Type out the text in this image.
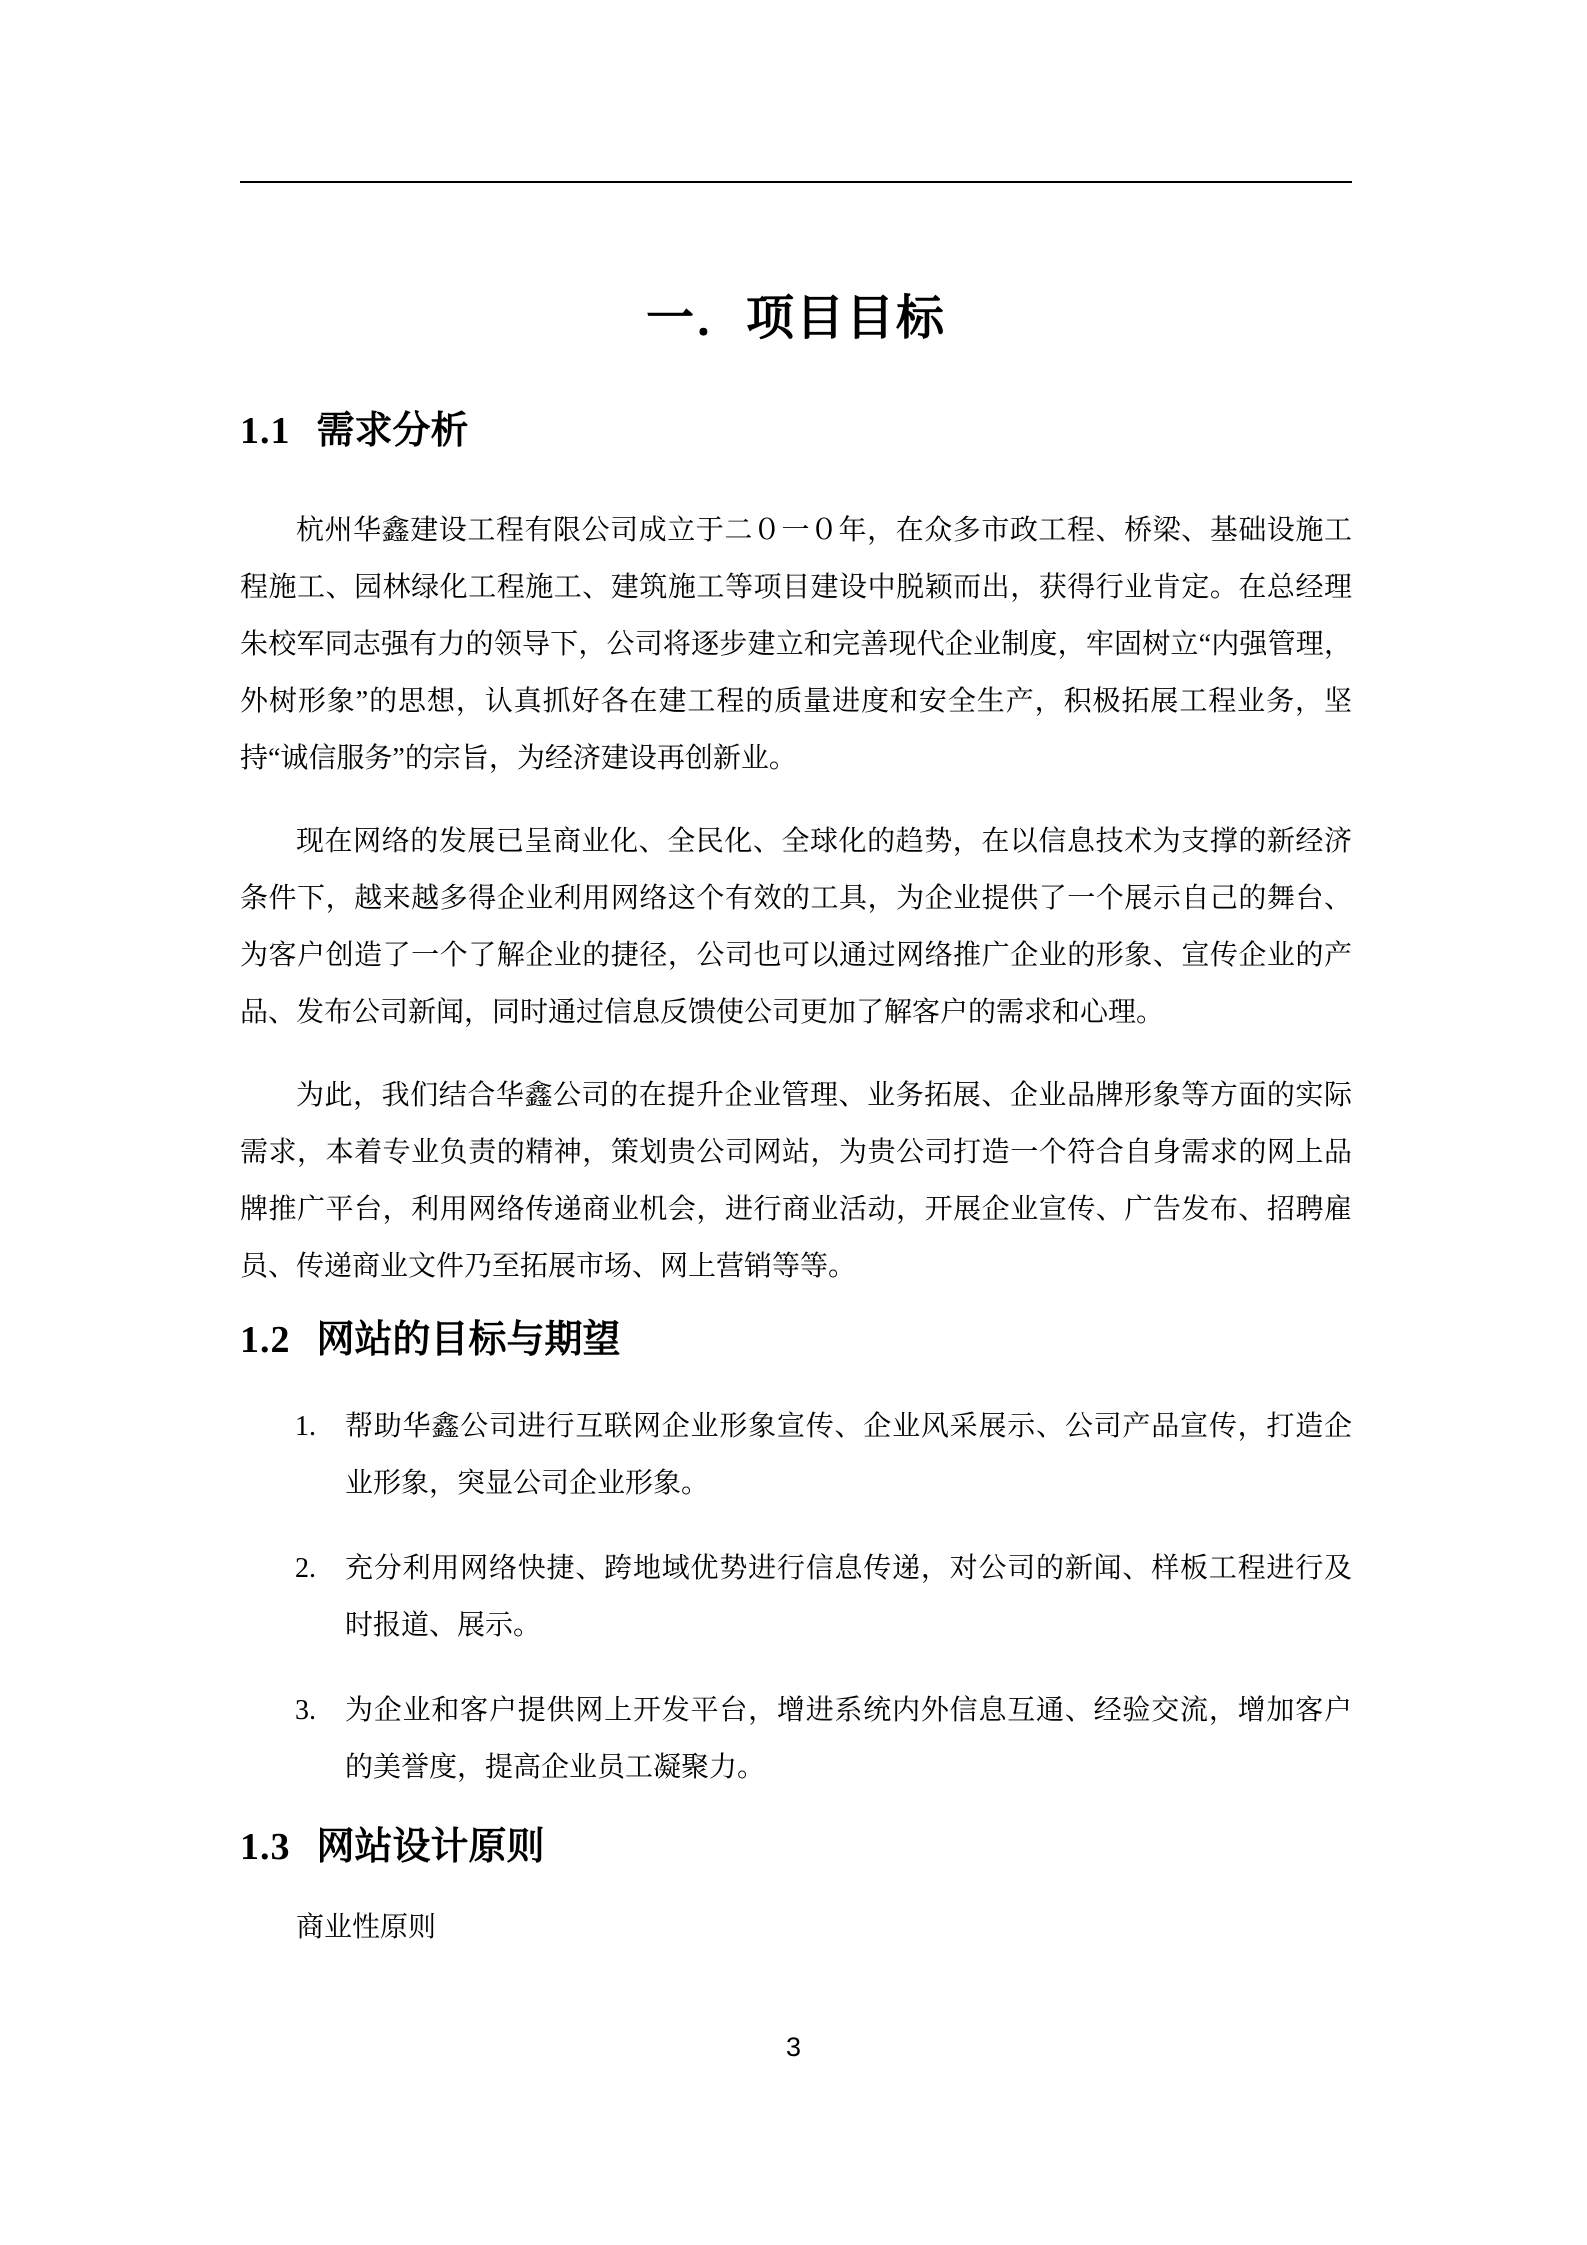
一．项目目标
1.1 需求分析

杭州华鑫建设工程有限公司成立于二０一０年，在众多市政工程、桥梁、基础设施工程施工、园林绿化工程施工、建筑施工等项目建设中脱颖而出，获得行业肯定。在总经理朱校军同志强有力的领导下，公司将逐步建立和完善现代企业制度，牢固树立“内强管理，外树形象”的思想，认真抓好各在建工程的质量进度和安全生产，积极拓展工程业务，坚持“诚信服务”的宗旨，为经济建设再创新业。

现在网络的发展已呈商业化、全民化、全球化的趋势，在以信息技术为支撑的新经济条件下，越来越多得企业利用网络这个有效的工具，为企业提供了一个展示自己的舞台、为客户创造了一个了解企业的捷径，公司也可以通过网络推广企业的形象、宣传企业的产品、发布公司新闻，同时通过信息反馈使公司更加了解客户的需求和心理。

为此，我们结合华鑫公司的在提升企业管理、业务拓展、企业品牌形象等方面的实际需求，本着专业负责的精神，策划贵公司网站，为贵公司打造一个符合自身需求的网上品牌推广平台，利用网络传递商业机会，进行商业活动，开展企业宣传、广告发布、招聘雇员、传递商业文件乃至拓展市场、网上营销等等。

1.2 网站的目标与期望
1. 帮助华鑫公司进行互联网企业形象宣传、企业风采展示、公司产品宣传，打造企业形象，突显公司企业形象。
2. 充分利用网络快捷、跨地域优势进行信息传递，对公司的新闻、样板工程进行及时报道、展示。
3. 为企业和客户提供网上开发平台，增进系统内外信息互通、经验交流，增加客户的美誉度，提高企业员工凝聚力。
1.3 网站设计原则

商业性原则

3
